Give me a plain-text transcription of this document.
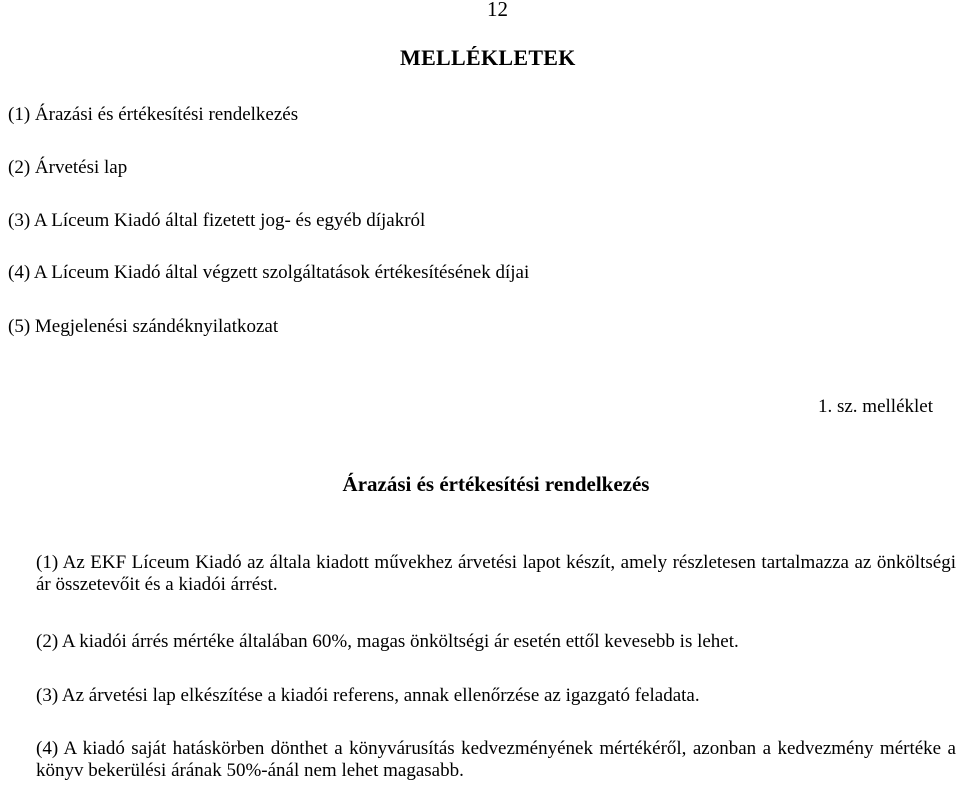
12
MELLÉKLETEK
(1) Árazási és értékesítési rendelkezés
(2) Árvetési lap
(3) A Líceum Kiadó által fizetett jog- és egyéb díjakról
(4) A Líceum Kiadó által végzett szolgáltatások értékesítésének díjai
(5) Megjelenési szándéknyilatkozat
1. sz. melléklet
Árazási és értékesítési rendelkezés
(1) Az EKF Líceum Kiadó az általa kiadott művekhez árvetési lapot készít, amely részletesen tartalmazza az önköltségi ár összetevőit és a kiadói árrést.
(2) A kiadói árrés mértéke általában 60%, magas önköltségi ár esetén ettől kevesebb is lehet.
(3) Az árvetési lap elkészítése a kiadói referens, annak ellenőrzése az igazgató feladata.
(4) A kiadó saját hatáskörben dönthet a könyvárusítás kedvezményének mértékéről, azonban a kedvezmény mértéke a könyv bekerülési árának 50%-ánál nem lehet magasabb.
